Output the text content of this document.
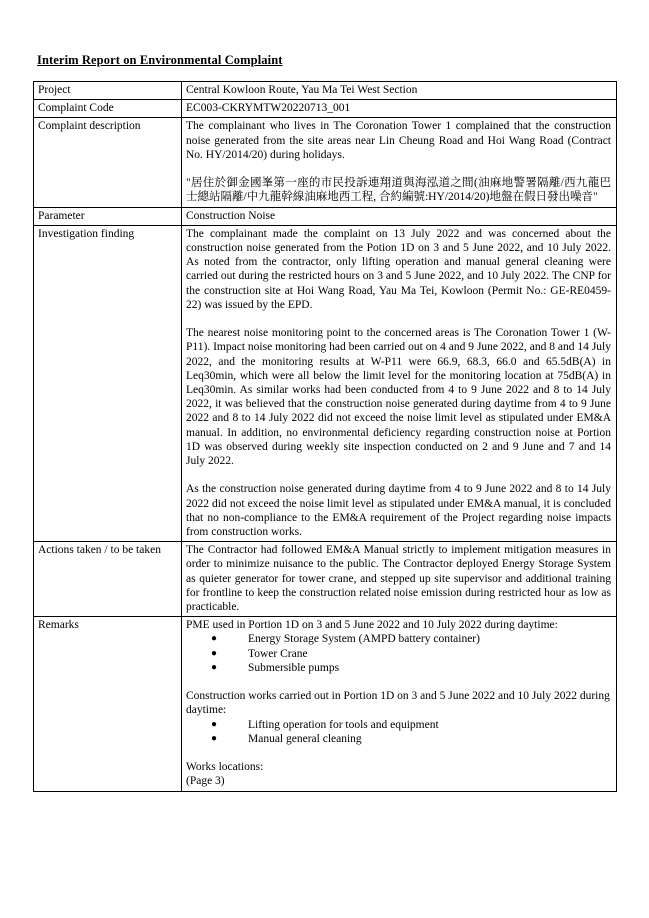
Interim Report on Environmental Complaint
Project	Central Kowloon Route, Yau Ma Tei West Section
Complaint Code	EC003-CKRYMTW20220713_001
Complaint description	The complainant who lives in The Coronation Tower 1 complained that the construction noise generated from the site areas near Lin Cheung Road and Hoi Wang Road (Contract No. HY/2014/20) during holidays.

"居住於御金國峯第一座的市民投訴連翔道與海泓道之間(油麻地警署隔離/西九龍巴士總站隔離/中九龍幹線油麻地西工程, 合約編號:HY/2014/20)地盤在假日發出噪音"

Parameter	Construction Noise
Investigation finding	The complainant made the complaint on 13 July 2022 and was concerned about the construction noise generated from the Potion 1D on 3 and 5 June 2022, and 10 July 2022. As noted from the contractor, only lifting operation and manual general cleaning were carried out during the restricted hours on 3 and 5 June 2022, and 10 July 2022. The CNP for the construction site at Hoi Wang Road, Yau Ma Tei, Kowloon (Permit No.: GE-RE0459-22) was issued by the EPD.

The nearest noise monitoring point to the concerned areas is The Coronation Tower 1 (W-P11). Impact noise monitoring had been carried out on 4 and 9 June 2022, and 8 and 14 July 2022, and the monitoring results at W-P11 were 66.9, 68.3, 66.0 and 65.5dB(A) in Leq30min, which were all below the limit level for the monitoring location at 75dB(A) in Leq30min. As similar works had been conducted from 4 to 9 June 2022 and 8 to 14 July 2022, it was believed that the construction noise generated during daytime from 4 to 9 June 2022 and 8 to 14 July 2022 did not exceed the noise limit level as stipulated under EM&A manual. In addition, no environmental deficiency regarding construction noise at Portion 1D was observed during weekly site inspection conducted on 2 and 9 June and 7 and 14 July 2022.

As the construction noise generated during daytime from 4 to 9 June 2022 and 8 to 14 July 2022 did not exceed the noise limit level as stipulated under EM&A manual, it is concluded that no non-compliance to the EM&A requirement of the Project regarding noise impacts from construction works.

Actions taken / to be taken	The Contractor had followed EM&A Manual strictly to implement mitigation measures in order to minimize nuisance to the public. The Contractor deployed Energy Storage System as quieter generator for tower crane, and stepped up site supervisor and additional training for frontline to keep the construction related noise emission during restricted hour as low as practicable.

Remarks	PME used in Portion 1D on 3 and 5 June 2022 and 10 July 2022 during daytime:

●	Energy Storage System (AMPD battery container)
●	Tower Crane
●	Submersible pumps

Construction works carried out in Portion 1D on 3 and 5 June 2022 and 10 July 2022 during daytime:

●	Lifting operation for tools and equipment
●	Manual general cleaning

Works locations:

(Page 3)
